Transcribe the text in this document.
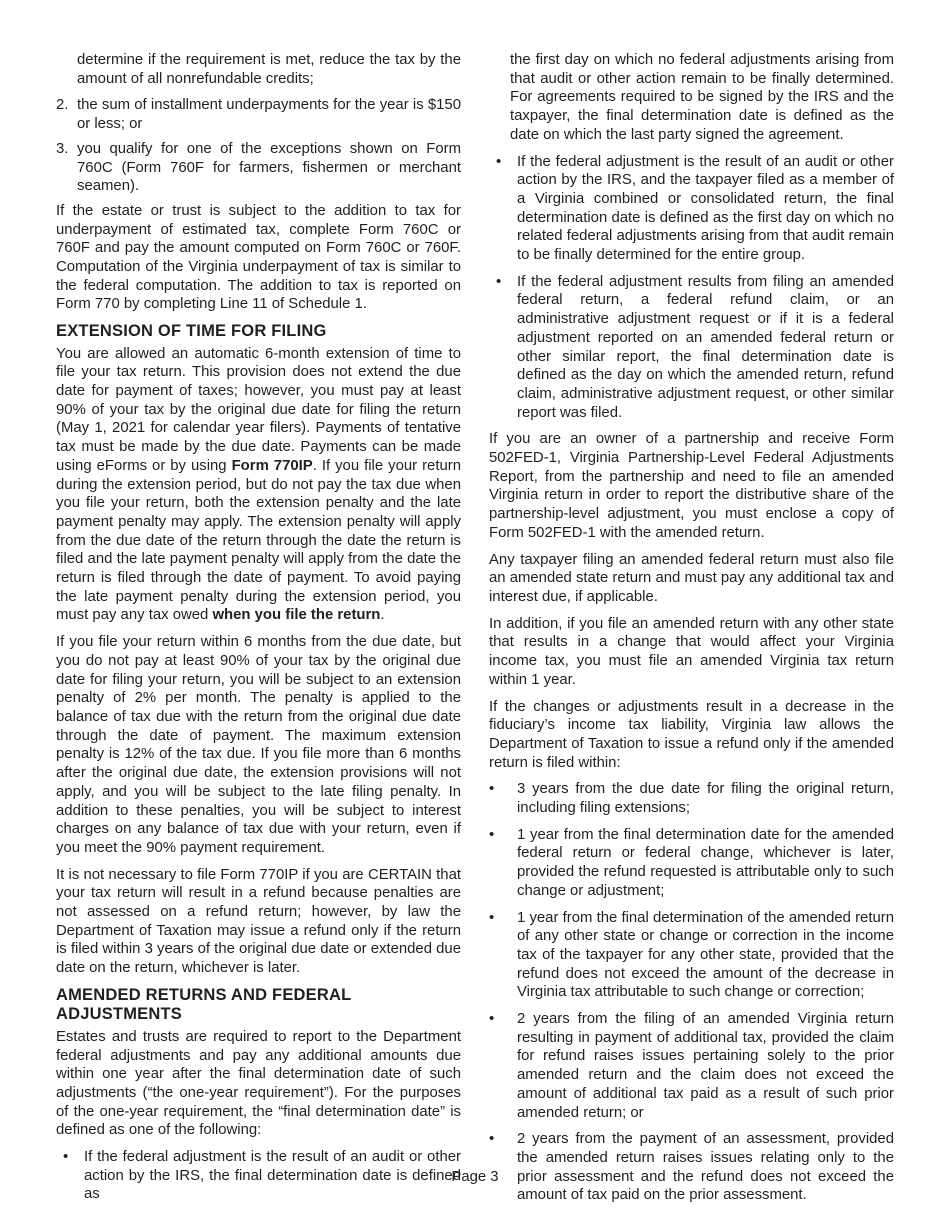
determine if the requirement is met, reduce the tax by the amount of all nonrefundable credits;

2. the sum of installment underpayments for the year is $150 or less; or
3. you qualify for one of the exceptions shown on Form 760C (Form 760F for farmers, fishermen or merchant seamen).

If the estate or trust is subject to the addition to tax for underpayment of estimated tax, complete Form 760C or 760F and pay the amount computed on Form 760C or 760F. Computation of the Virginia underpayment of tax is similar to the federal computation. The addition to tax is reported on Form 770 by completing Line 11 of Schedule 1.

EXTENSION OF TIME FOR FILING

You are allowed an automatic 6-month extension of time to file your tax return. This provision does not extend the due date for payment of taxes; however, you must pay at least 90% of your tax by the original due date for filing the return (May 1, 2021 for calendar year filers). Payments of tentative tax must be made by the due date. Payments can be made using eForms or by using Form 770IP. If you file your return during the extension period, but do not pay the tax due when you file your return, both the extension penalty and the late payment penalty may apply. The extension penalty will apply from the due date of the return through the date the return is filed and the late payment penalty will apply from the date the return is filed through the date of payment. To avoid paying the late payment penalty during the extension period, you must pay any tax owed when you file the return.

If you file your return within 6 months from the due date, but you do not pay at least 90% of your tax by the original due date for filing your return, you will be subject to an extension penalty of 2% per month. The penalty is applied to the balance of tax due with the return from the original due date through the date of payment. The maximum extension penalty is 12% of the tax due. If you file more than 6 months after the original due date, the extension provisions will not apply, and you will be subject to the late filing penalty. In addition to these penalties, you will be subject to interest charges on any balance of tax due with your return, even if you meet the 90% payment requirement.

It is not necessary to file Form 770IP if you are CERTAIN that your tax return will result in a refund because penalties are not assessed on a refund return; however, by law the Department of Taxation may issue a refund only if the return is filed within 3 years of the original due date or extended due date on the return, whichever is later.

AMENDED RETURNS AND FEDERAL ADJUSTMENTS

Estates and trusts are required to report to the Department federal adjustments and pay any additional amounts due within one year after the final determination date of such adjustments (“the one-year requirement”). For the purposes of the one-year requirement, the “final determination date” is defined as one of the following:

• If the federal adjustment is the result of an audit or other action by the IRS, the final determination date is defined as

the first day on which no federal adjustments arising from that audit or other action remain to be finally determined. For agreements required to be signed by the IRS and the taxpayer, the final determination date is defined as the date on which the last party signed the agreement.

• If the federal adjustment is the result of an audit or other action by the IRS, and the taxpayer filed as a member of a Virginia combined or consolidated return, the final determination date is defined as the first day on which no related federal adjustments arising from that audit remain to be finally determined for the entire group.
• If the federal adjustment results from filing an amended federal return, a federal refund claim, or an administrative adjustment request or if it is a federal adjustment reported on an amended federal return or other similar report, the final determination date is defined as the day on which the amended return, refund claim, administrative adjustment request, or other similar report was filed.

If you are an owner of a partnership and receive Form 502FED-1, Virginia Partnership-Level Federal Adjustments Report, from the partnership and need to file an amended Virginia return in order to report the distributive share of the partnership-level adjustment, you must enclose a copy of Form 502FED-1 with the amended return.

Any taxpayer filing an amended federal return must also file an amended state return and must pay any additional tax and interest due, if applicable.

In addition, if you file an amended return with any other state that results in a change that would affect your Virginia income tax, you must file an amended Virginia tax return within 1 year.

If the changes or adjustments result in a decrease in the fiduciary’s income tax liability, Virginia law allows the Department of Taxation to issue a refund only if the amended return is filed within:

• 3 years from the due date for filing the original return, including filing extensions;
• 1 year from the final determination date for the amended federal return or federal change, whichever is later, provided the refund requested is attributable only to such change or adjustment;
• 1 year from the final determination of the amended return of any other state or change or correction in the income tax of the taxpayer for any other state, provided that the refund does not exceed the amount of the decrease in Virginia tax attributable to such change or correction;
• 2 years from the filing of an amended Virginia return resulting in payment of additional tax, provided the claim for refund raises issues pertaining solely to the prior amended return and the claim does not exceed the amount of additional tax paid as a result of such prior amended return; or
• 2 years from the payment of an assessment, provided the amended return raises issues relating only to the prior assessment and the refund does not exceed the amount of tax paid on the prior assessment.
Page 3
